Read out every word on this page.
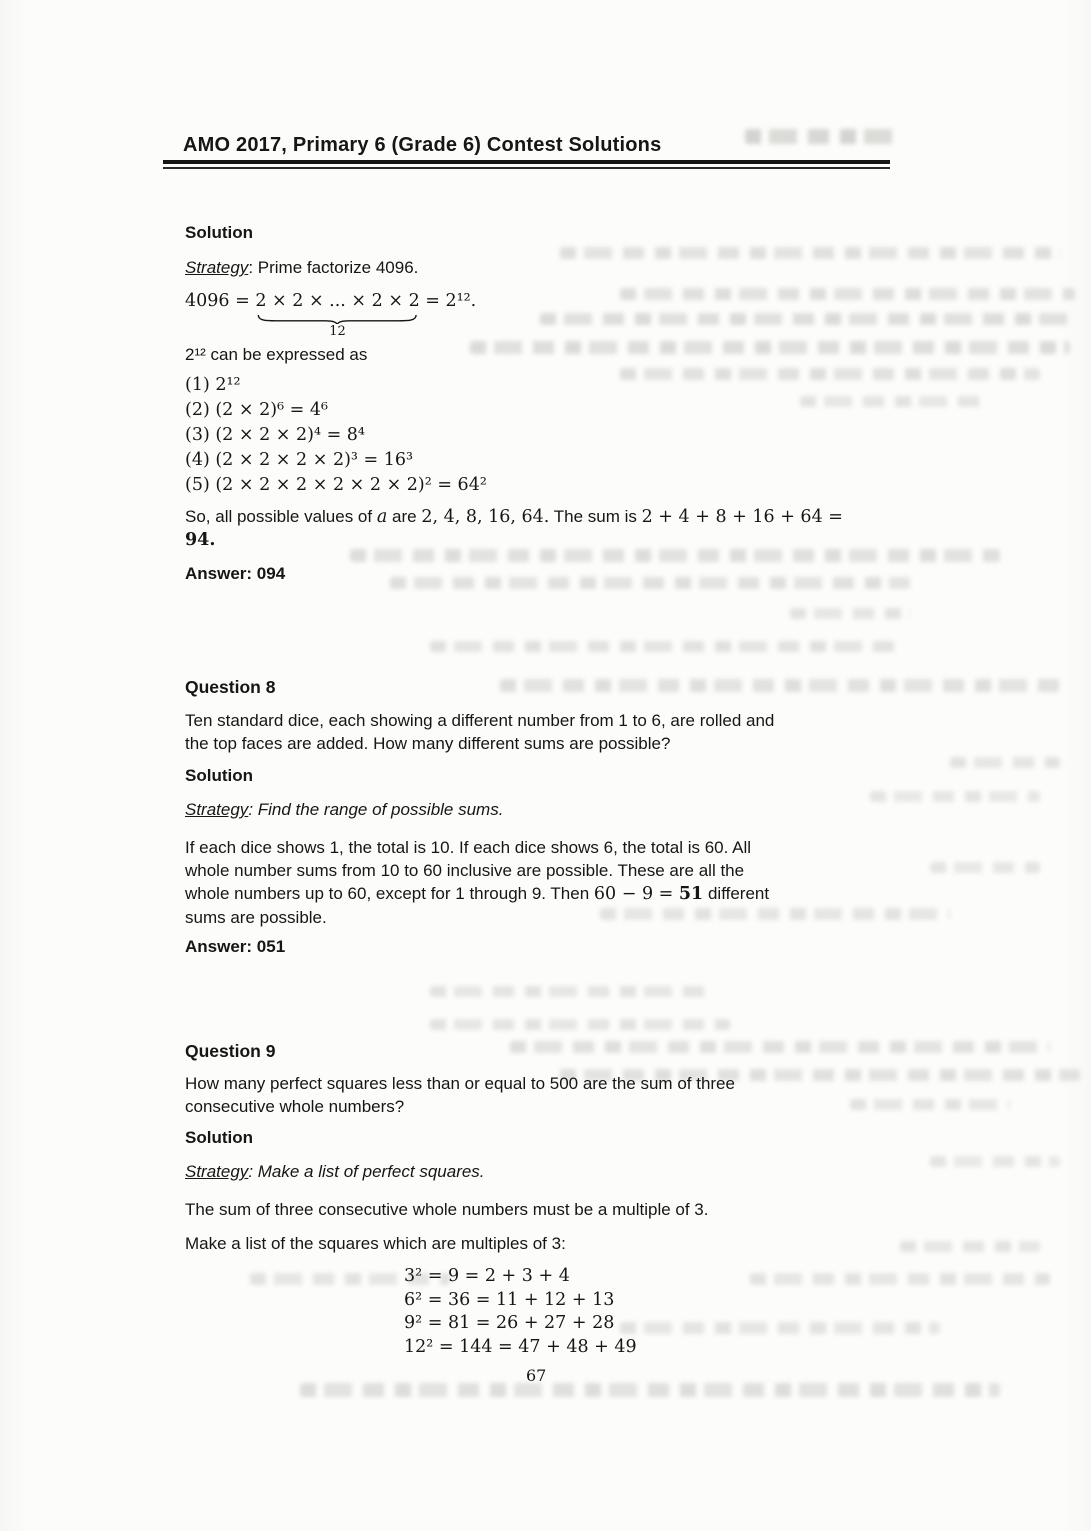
AMO 2017, Primary 6 (Grade 6) Contest Solutions
Solution
Strategy: Prime factorize 4096.
4096 = 2 × 2 × ... × 2 × 2
12
= 2¹².
2¹² can be expressed as
(1) 2¹²
(2) (2 × 2)⁶ = 4⁶
(3) (2 × 2 × 2)⁴ = 8⁴
(4) (2 × 2 × 2 × 2)³ = 16³
(5) (2 × 2 × 2 × 2 × 2 × 2)² = 64²
So, all possible values of a are 2, 4, 8, 16, 64. The sum is 2 + 4 + 8 + 16 + 64 =
94.
Answer: 094
Question 8
Ten standard dice, each showing a different number from 1 to 6, are rolled and
the top faces are added. How many different sums are possible?
Solution
Strategy: Find the range of possible sums.
If each dice shows 1, the total is 10. If each dice shows 6, the total is 60. All
whole number sums from 10 to 60 inclusive are possible. These are all the
whole numbers up to 60, except for 1 through 9. Then 60 − 9 = 51 different
sums are possible.
Answer: 051
Question 9
How many perfect squares less than or equal to 500 are the sum of three
consecutive whole numbers?
Solution
Strategy: Make a list of perfect squares.
The sum of three consecutive whole numbers must be a multiple of 3.
Make a list of the squares which are multiples of 3:
3² = 9 = 2 + 3 + 4
6² = 36 = 11 + 12 + 13
9² = 81 = 26 + 27 + 28
12² = 144 = 47 + 48 + 49
67
